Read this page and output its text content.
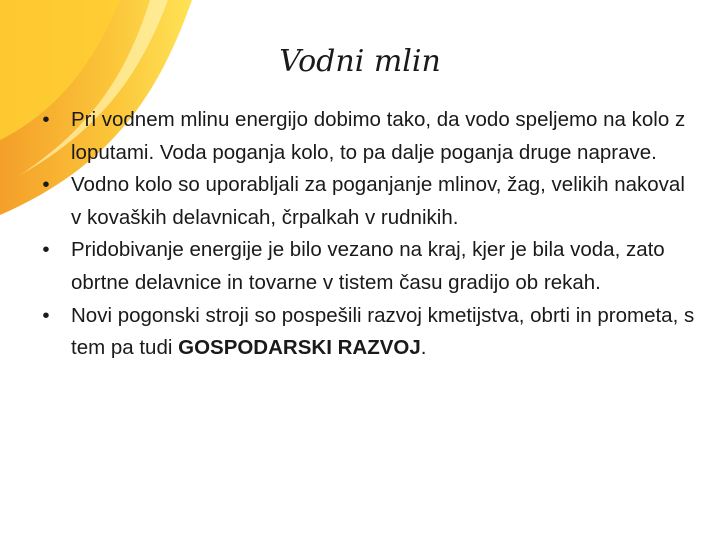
Vodni mlin
•	Pri vodnem mlinu energijo dobimo tako, da vodo speljemo na kolo z loputami. Voda poganja kolo, to pa dalje poganja druge naprave.
•	Vodno kolo so uporabljali za poganjanje mlinov, žag, velikih nakoval v kovaških delavnicah, črpalkah v rudnikih.
•	Pridobivanje energije je bilo vezano na kraj, kjer je bila voda, zato obrtne delavnice in tovarne v tistem času gradijo ob rekah.
•	Novi pogonski stroji so pospešili razvoj kmetijstva, obrti in prometa, s tem pa tudi GOSPODARSKI RAZVOJ.
